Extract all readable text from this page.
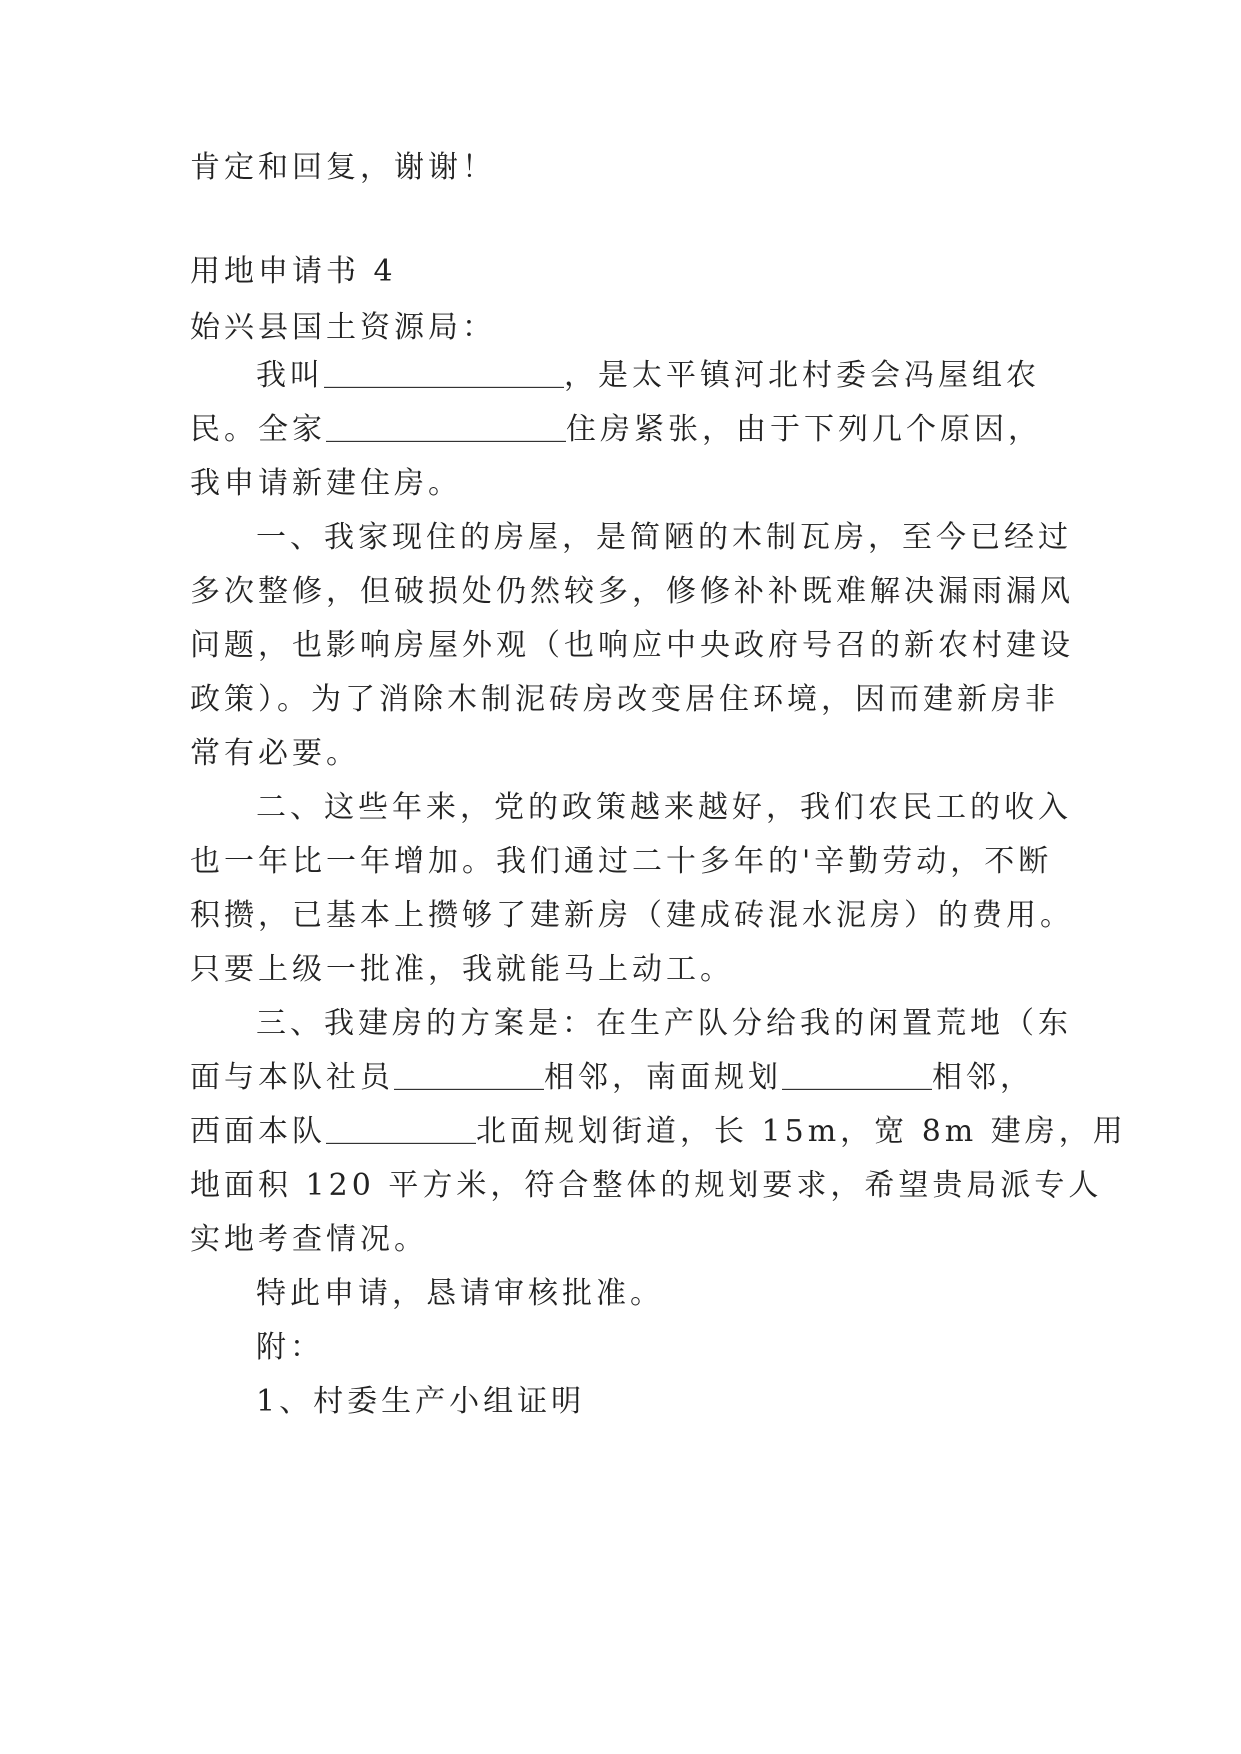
肯定和回复，谢谢！
用地申请书 4
始兴县国土资源局：
我叫________________，是太平镇河北村委会冯屋组农
民。全家________________住房紧张，由于下列几个原因，
我申请新建住房。
一、我家现住的房屋，是简陋的木制瓦房，至今已经过
多次整修，但破损处仍然较多，修修补补既难解决漏雨漏风
问题，也影响房屋外观（也响应中央政府号召的新农村建设
政策）。为了消除木制泥砖房改变居住环境，因而建新房非
常有必要。
二、这些年来，党的政策越来越好，我们农民工的收入
也一年比一年增加。我们通过二十多年的'辛勤劳动，不断
积攒，已基本上攒够了建新房（建成砖混水泥房）的费用。
只要上级一批准，我就能马上动工。
三、我建房的方案是：在生产队分给我的闲置荒地（东
面与本队社员__________相邻，南面规划__________相邻，
西面本队__________北面规划街道，长 15m，宽 8m 建房，用
地面积 120 平方米，符合整体的规划要求，希望贵局派专人
实地考查情况。
特此申请，恳请审核批准。
附：
1、村委生产小组证明
